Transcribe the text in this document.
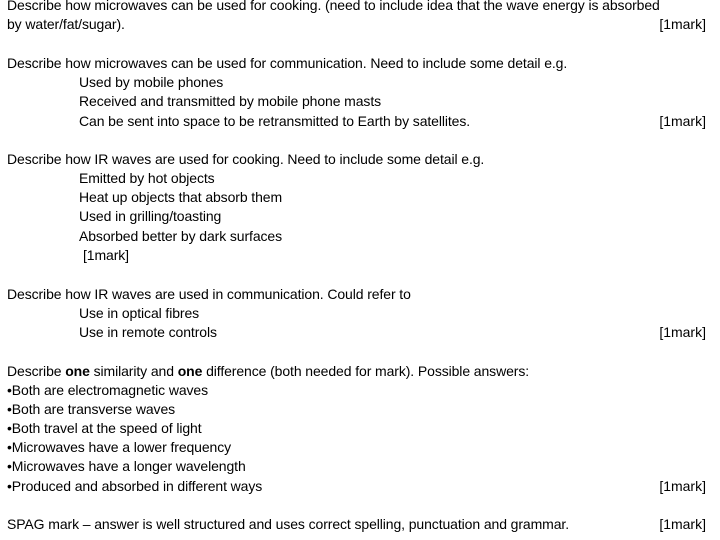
Describe how microwaves can be used for cooking. (need to include idea that the wave energy is absorbed
by water/fat/sugar).	[1mark]
Describe how microwaves can be used for communication. Need to include some detail e.g.
Used by mobile phones
Received and transmitted by mobile phone masts
Can be sent into space to be retransmitted to Earth by satellites.	[1mark]
Describe how IR waves are used for cooking. Need to include some detail e.g.
Emitted by hot objects
Heat up objects that absorb them
Used in grilling/toasting
Absorbed better by dark surfaces
[1mark]
Describe how IR waves are used in communication. Could refer to
Use in optical fibres
Use in remote controls	[1mark]
Describe one similarity and one difference (both needed for mark). Possible answers:
•Both are electromagnetic waves
•Both are transverse waves
•Both travel at the speed of light
•Microwaves have a lower frequency
•Microwaves have a longer wavelength
•Produced and absorbed in different ways	[1mark]
SPAG mark – answer is well structured and uses correct spelling, punctuation and grammar.	[1mark]
